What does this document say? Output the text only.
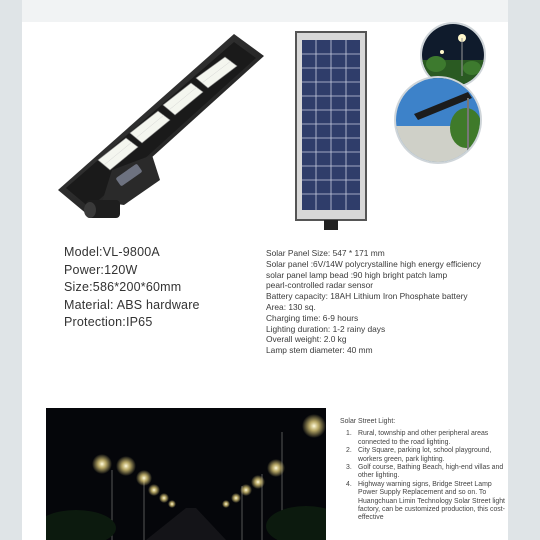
Model:VL-9800A
Power:120W
Size:586*200*60mm
Material: ABS hardware
Protection:IP65
Solar Panel Size: 547 * 171 mm
Solar panel :6V/14W polycrystalline high energy efficiency
solar panel lamp bead :90 high bright patch lamp
pearl-controlled radar sensor
Battery capacity: 18AH Lithium Iron Phosphate battery
Area: 130 sq.
Charging time: 6-9 hours
Lighting duration: 1-2 rainy days
Overall weight: 2.0 kg
Lamp stem diameter: 40 mm
Solar Street Light:
1. Rural, township and other peripheral areas connected to the road lighting.
2. City Square, parking lot, school playground, workers green, park lighting.
3. Golf course, Bathing Beach, high-end villas and other lighting.
4. Highway warning signs, Bridge Street Lamp Power Supply Replacement and so on. To Huangchuan Limin Technology Solar Street light factory, can be customized production, this cost-effective
